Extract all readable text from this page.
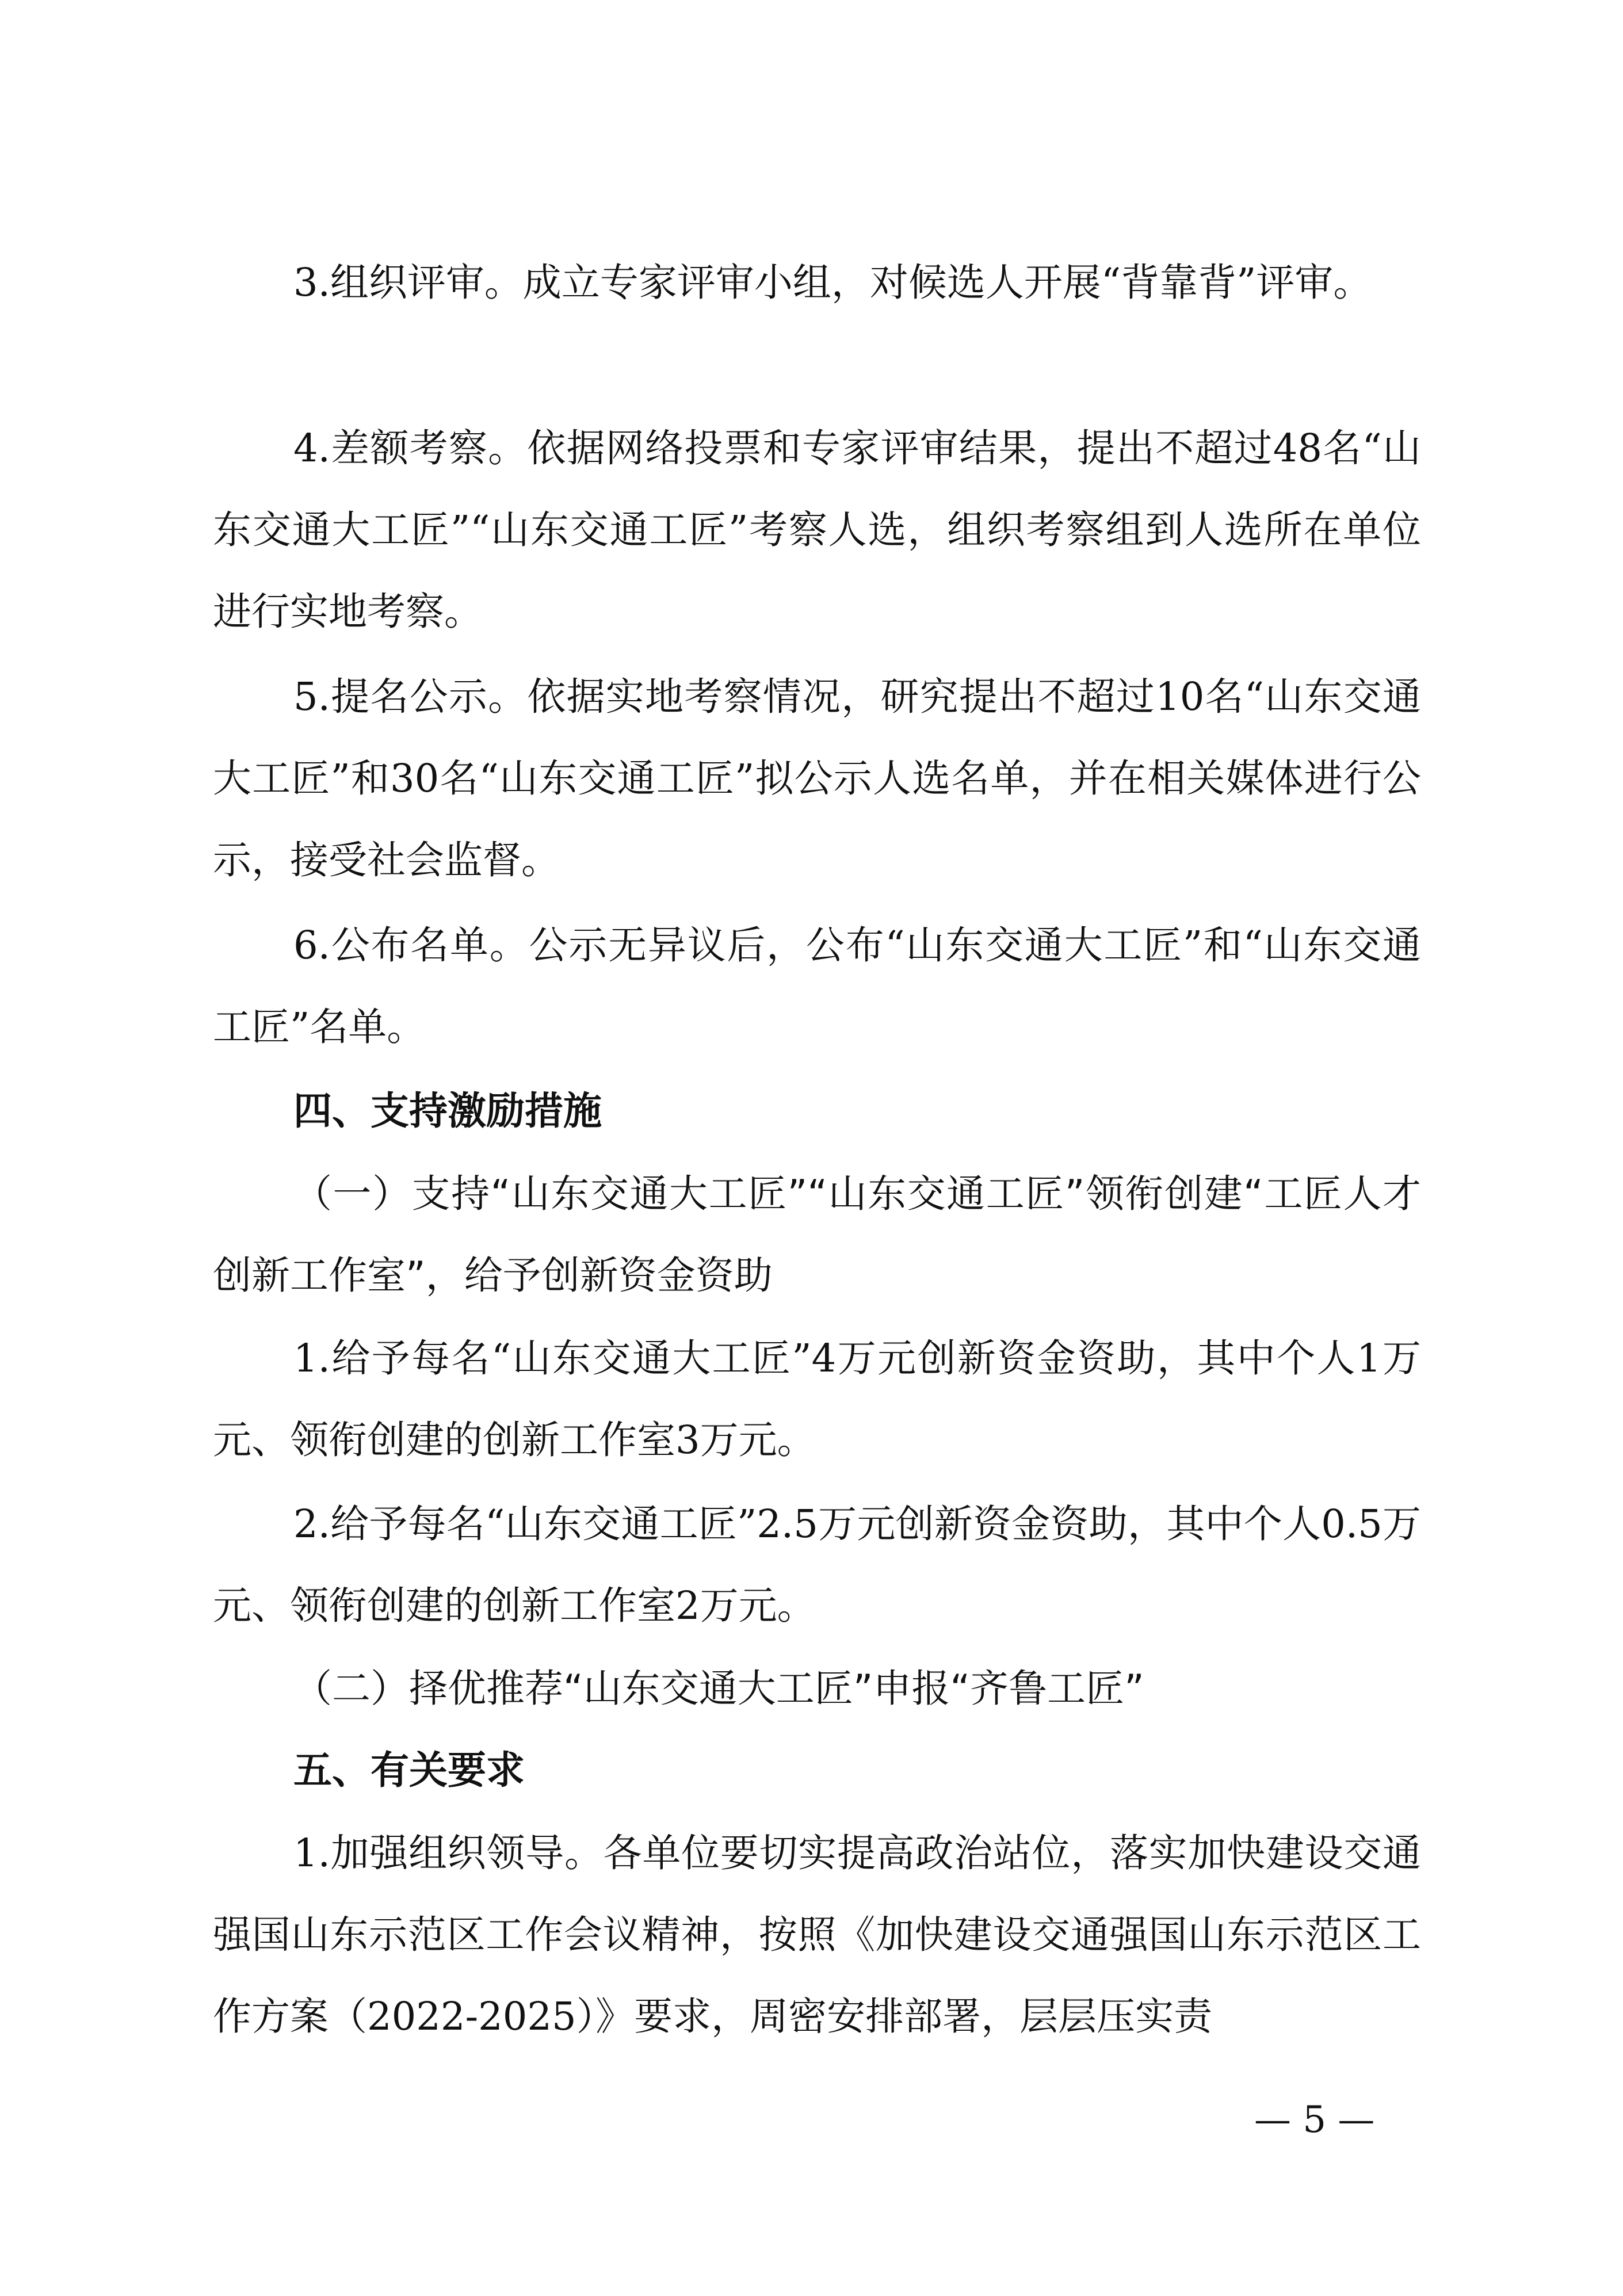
3.组织评审。成立专家评审小组，对候选人开展“背靠背”评审。

4.差额考察。依据网络投票和专家评审结果，提出不超过48名“山东交通大工匠”“山东交通工匠”考察人选，组织考察组到人选所在单位进行实地考察。

5.提名公示。依据实地考察情况，研究提出不超过10名“山东交通大工匠”和30名“山东交通工匠”拟公示人选名单，并在相关媒体进行公示，接受社会监督。

6.公布名单。公示无异议后，公布“山东交通大工匠”和“山东交通工匠”名单。

四、支持激励措施

（一）支持“山东交通大工匠”“山东交通工匠”领衔创建“工匠人才创新工作室”，给予创新资金资助

1.给予每名“山东交通大工匠”4万元创新资金资助，其中个人1万元、领衔创建的创新工作室3万元。

2.给予每名“山东交通工匠”2.5万元创新资金资助，其中个人0.5万元、领衔创建的创新工作室2万元。

（二）择优推荐“山东交通大工匠”申报“齐鲁工匠”

五、有关要求

1.加强组织领导。各单位要切实提高政治站位，落实加快建设交通强国山东示范区工作会议精神，按照《加快建设交通强国山东示范区工作方案（2022-2025）》要求，周密安排部署，层层压实责

— 5 —
